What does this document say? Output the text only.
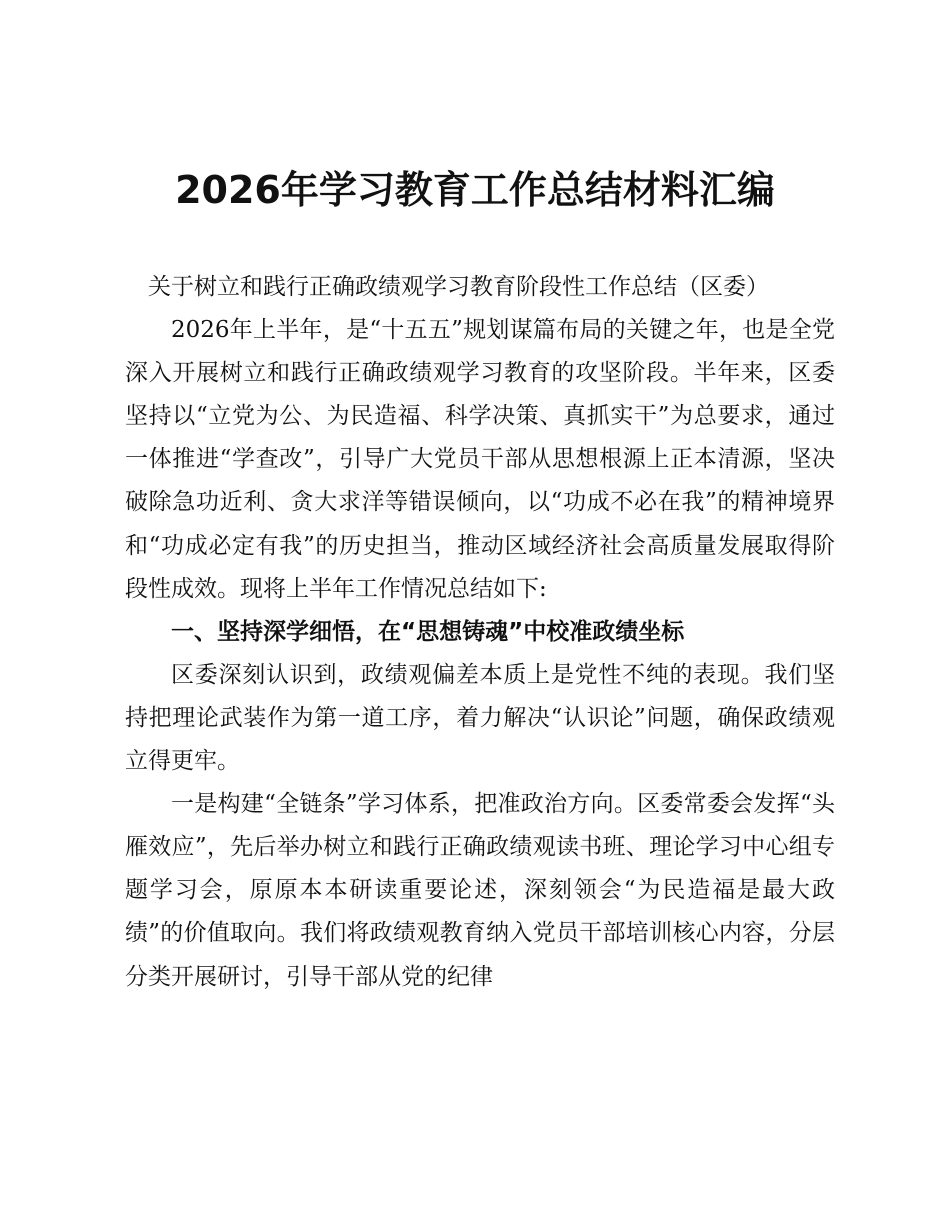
2026年学习教育工作总结材料汇编

关于树立和践行正确政绩观学习教育阶段性工作总结（区委）

2026年上半年，是“十五五”规划谋篇布局的关键之年，也是全党深入开展树立和践行正确政绩观学习教育的攻坚阶段。半年来，区委坚持以“立党为公、为民造福、科学决策、真抓实干”为总要求，通过一体推进“学查改”，引导广大党员干部从思想根源上正本清源，坚决破除急功近利、贪大求洋等错误倾向，以“功成不必在我”的精神境界和“功成必定有我”的历史担当，推动区域经济社会高质量发展取得阶段性成效。现将上半年工作情况总结如下:

一、坚持深学细悟，在“思想铸魂”中校准政绩坐标

区委深刻认识到，政绩观偏差本质上是党性不纯的表现。我们坚持把理论武装作为第一道工序，着力解决“认识论”问题，确保政绩观立得更牢。

一是构建“全链条”学习体系，把准政治方向。区委常委会发挥“头雁效应”，先后举办树立和践行正确政绩观读书班、理论学习中心组专题学习会，原原本本研读重要论述，深刻领会“为民造福是最大政绩”的价值取向。我们将政绩观教育纳入党员干部培训核心内容，分层分类开展研讨，引导干部从党的纪律
